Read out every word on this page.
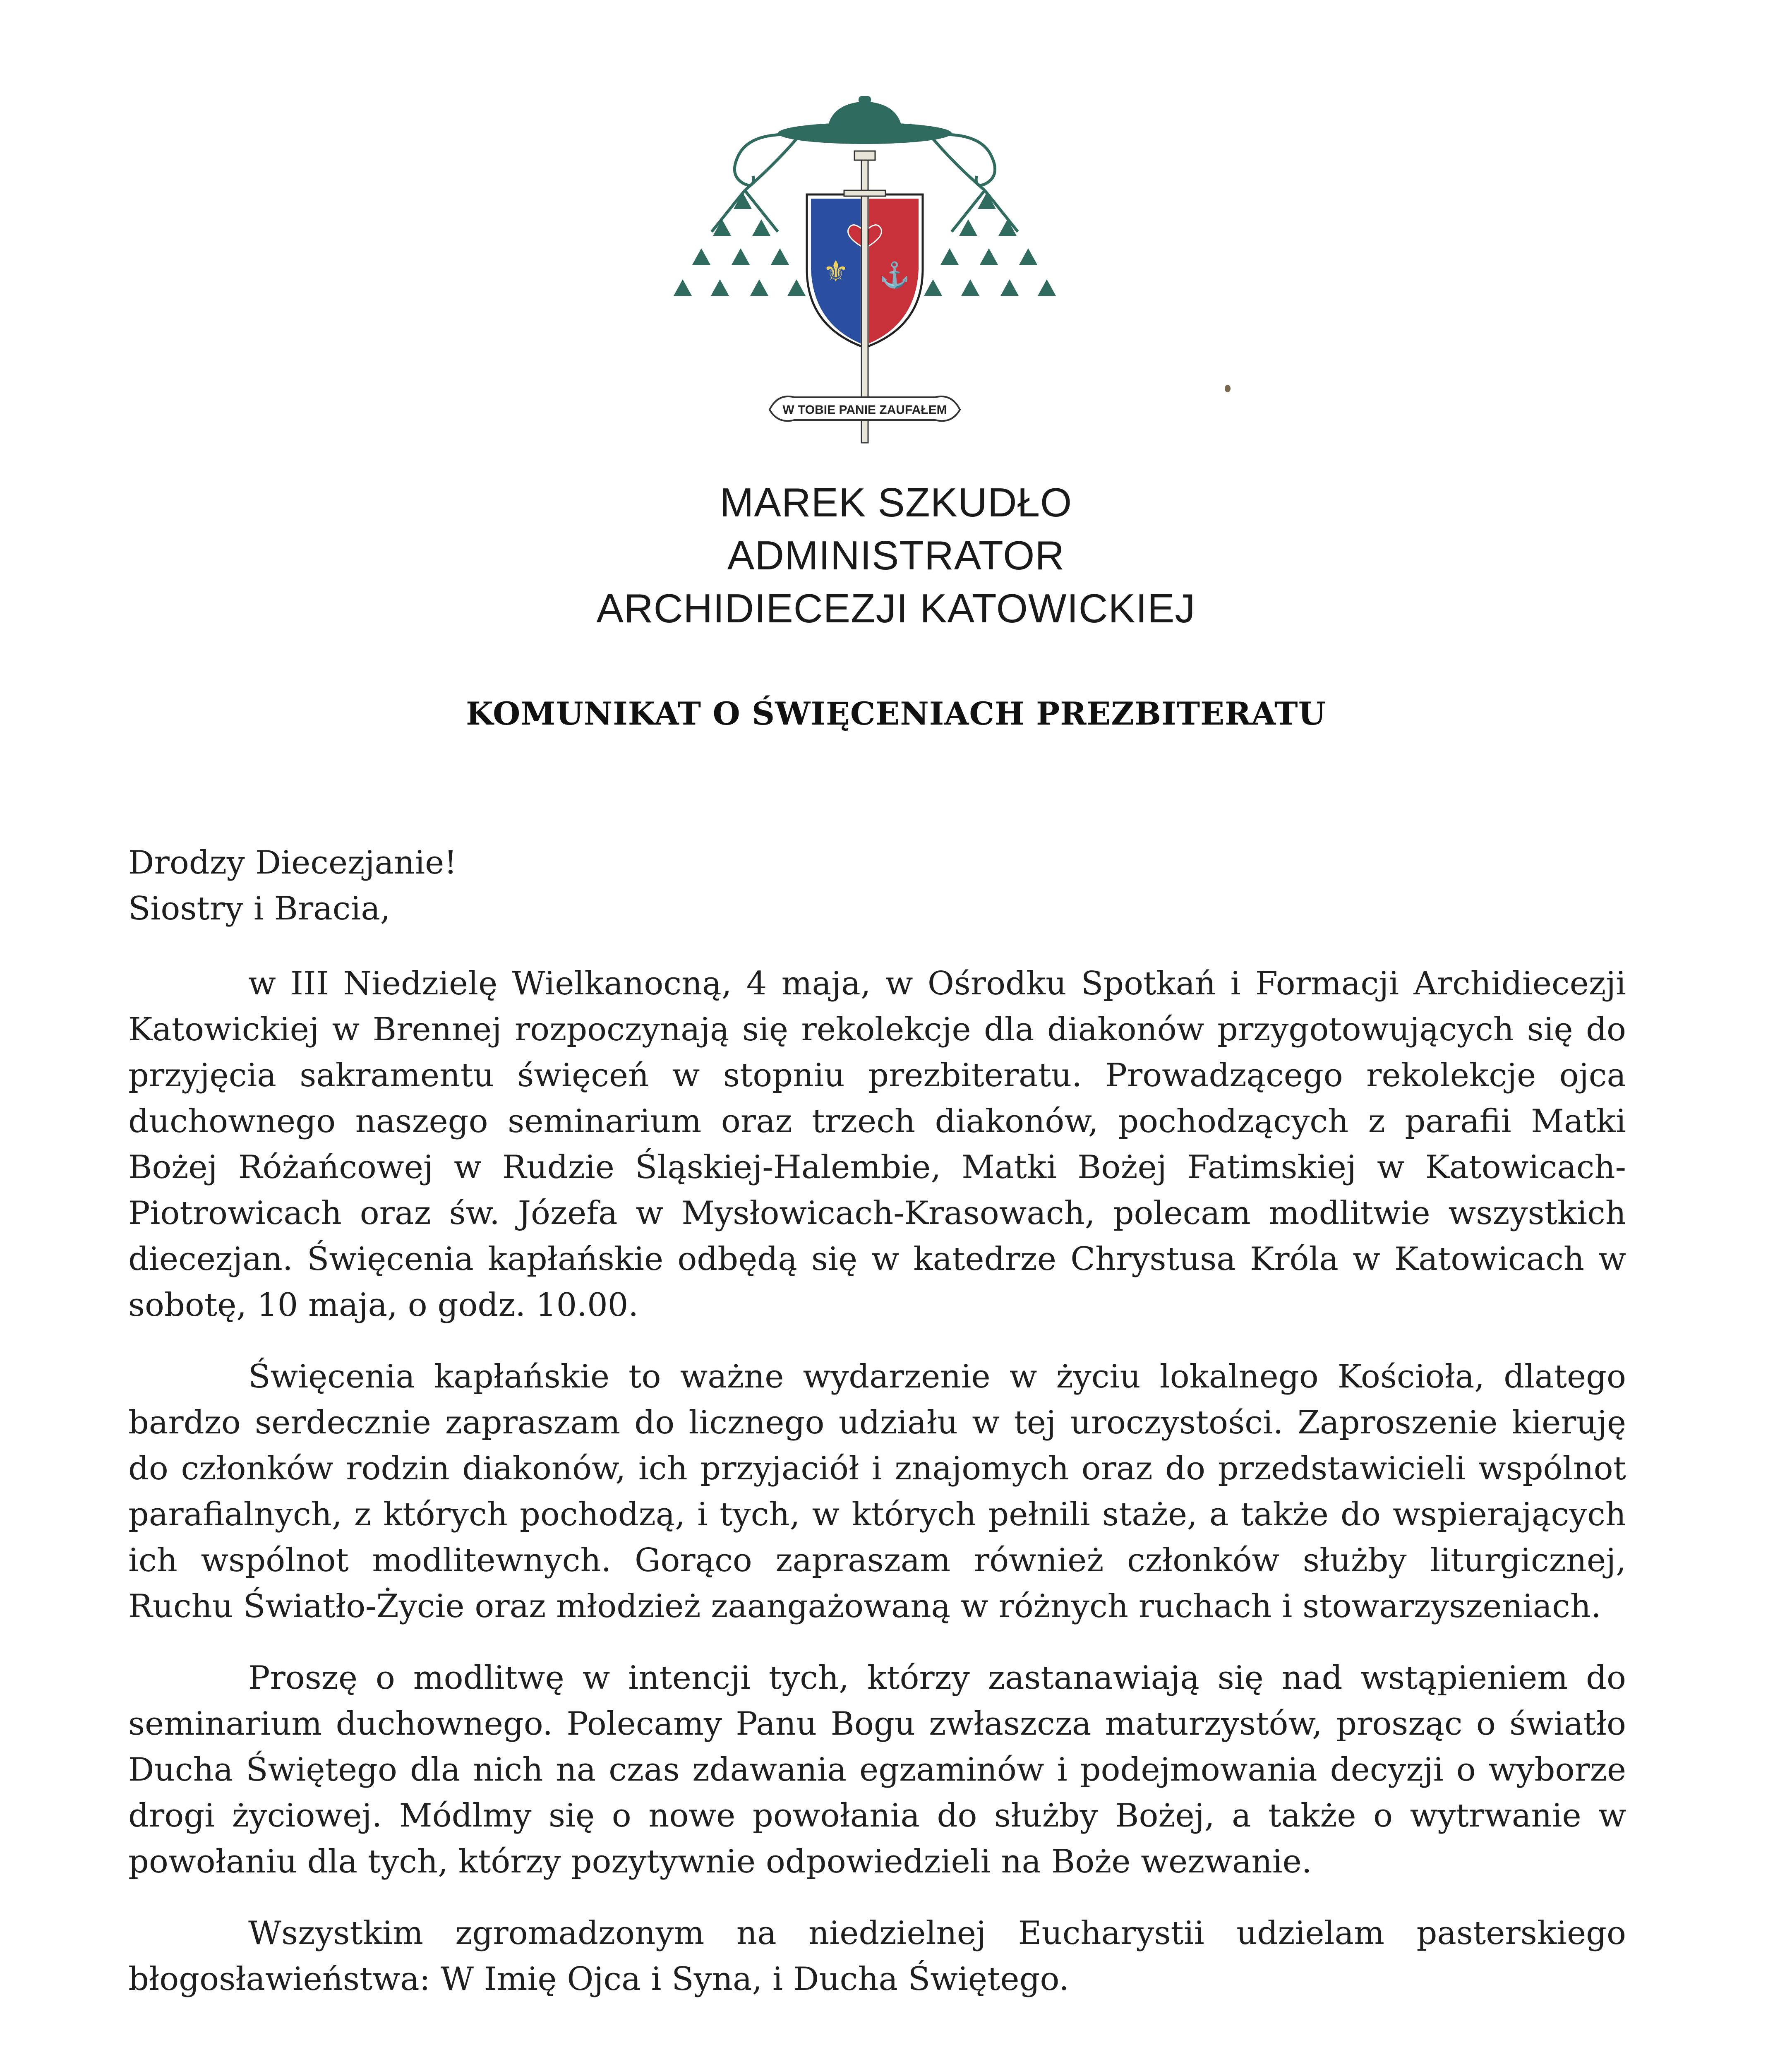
⚜ ⚓
W TOBIE PANIE ZAUFAŁEM
MAREK SZKUDŁO
ADMINISTRATOR
ARCHIDIECEZJI KATOWICKIEJ
KOMUNIKAT O ŚWIĘCENIACH PREZBITERATU

Drodzy Diecezjanie!

Siostry i Bracia,

w III Niedzielę Wielkanocną, 4 maja, w Ośrodku Spotkań i Formacji Archidiecezji Katowickiej w Brennej rozpoczynają się rekolekcje dla diakonów przygotowujących się do przyjęcia sakramentu święceń w stopniu prezbiteratu. Prowadzącego rekolekcje ojca duchownego naszego seminarium oraz trzech diakonów, pochodzących z parafii Matki Bożej Różańcowej w Rudzie Śląskiej-Halembie, Matki Bożej Fatimskiej w Katowicach-Piotrowicach oraz św. Józefa w Mysłowicach-Krasowach, polecam modlitwie wszystkich diecezjan. Święcenia kapłańskie odbędą się w katedrze Chrystusa Króla w Katowicach w sobotę, 10 maja, o godz. 10.00.

Święcenia kapłańskie to ważne wydarzenie w życiu lokalnego Kościoła, dlatego bardzo serdecznie zapraszam do licznego udziału w tej uroczystości. Zaproszenie kieruję do członków rodzin diakonów, ich przyjaciół i znajomych oraz do przedstawicieli wspólnot parafialnych, z których pochodzą, i tych, w których pełnili staże, a także do wspierających ich wspólnot modlitewnych. Gorąco zapraszam również członków służby liturgicznej, Ruchu Światło-Życie oraz młodzież zaangażowaną w różnych ruchach i stowarzyszeniach.

Proszę o modlitwę w intencji tych, którzy zastanawiają się nad wstąpieniem do seminarium duchownego. Polecamy Panu Bogu zwłaszcza maturzystów, prosząc o światło Ducha Świętego dla nich na czas zdawania egzaminów i podejmowania decyzji o wyborze drogi życiowej. Módlmy się o nowe powołania do służby Bożej, a także o wytrwanie w powołaniu dla tych, którzy pozytywnie odpowiedzieli na Boże wezwanie.

Wszystkim zgromadzonym na niedzielnej Eucharystii udzielam pasterskiego błogosławieństwa: W Imię Ojca i Syna, i Ducha Świętego.
